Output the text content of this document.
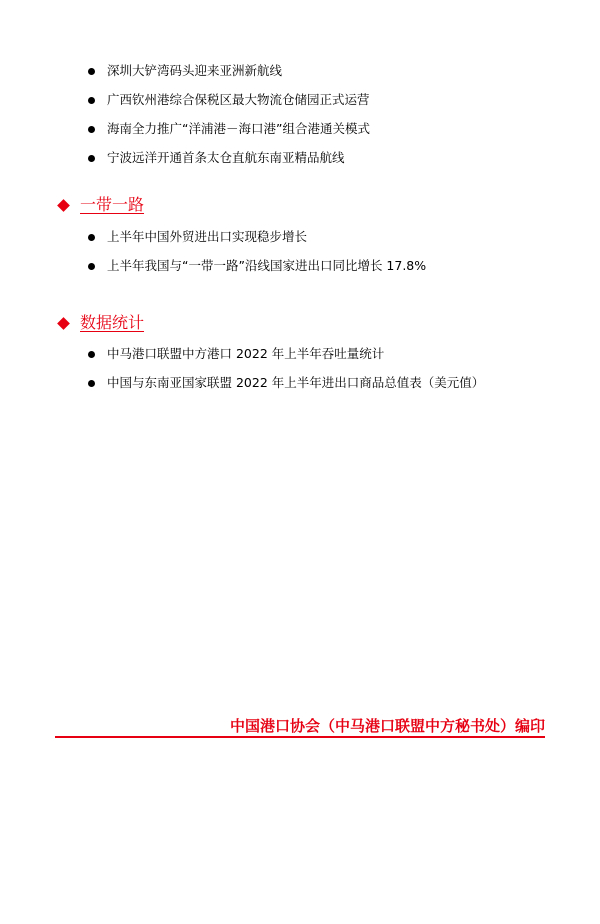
深圳大铲湾码头迎来亚洲新航线
广西钦州港综合保税区最大物流仓储园正式运营
海南全力推广“洋浦港－海口港”组合港通关模式
宁波远洋开通首条太仓直航东南亚精品航线
一带一路
上半年中国外贸进出口实现稳步增长
上半年我国与“一带一路”沿线国家进出口同比增长 17.8%
数据统计
中马港口联盟中方港口 2022 年上半年吞吐量统计
中国与东南亚国家联盟 2022 年上半年进出口商品总值表（美元值）
中国港口协会（中马港口联盟中方秘书处）编印
